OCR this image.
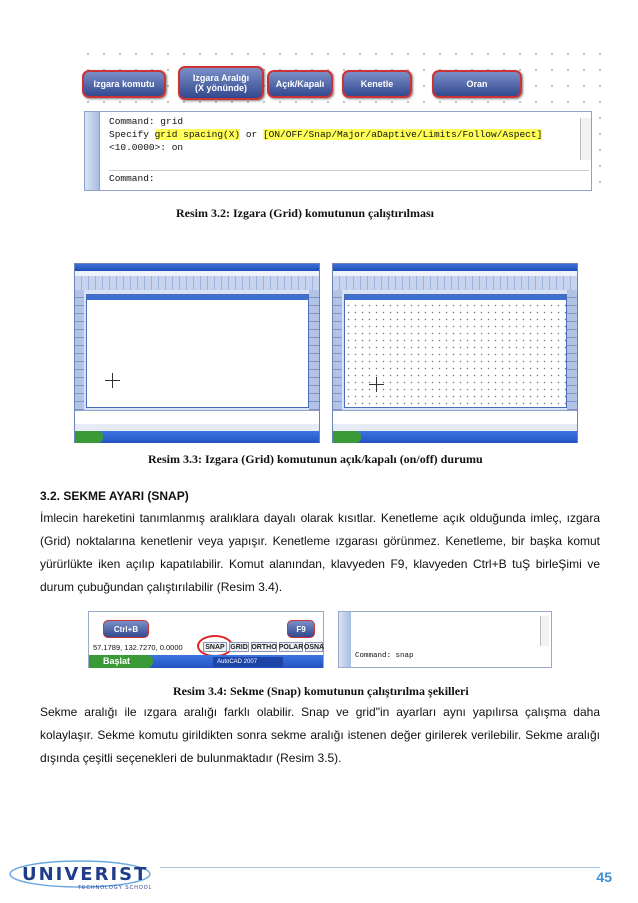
Izgara komutu
Izgara Aralığı
(X yönünde)	Açık/Kapalı	Kenetle	Oran
Command: grid
Specify grid spacing(X) or [ON/OFF/Snap/Major/aDaptive/Limits/Follow/Aspect]
<10.0000>: on
Command:
Resim 3.2: Izgara (Grid) komutunun çalıştırılması
Resim 3.3: Izgara (Grid) komutunun açık/kapalı (on/off) durumu
3.2. SEKME AYARI (SNAP)
İmlecin hareketini tanımlanmış aralıklara dayalı olarak kısıtlar. Kenetleme açık olduğunda imleç, ızgara (Grid) noktalarına kenetlenir veya yapışır. Kenetleme ızgarası görünmez. Kenetleme, bir başka komut yürürlükte iken açılıp kapatılabilir. Komut alanından, klavyeden F9, klavyeden Ctrl+B tuŞ birleŞimi ve durum çubuğundan çalıştırılabilir (Resim 3.4).
Ctrl+B	F9
57.1789, 132.7270, 0.0000	SNAP GRID ORTHO POLAR OSNA
Başlat	AutoCAD 2007
Command: snap
Resim 3.4: Sekme (Snap) komutunun çalıştırılma şekilleri
Sekme aralığı ile ızgara aralığı farklı olabilir. Snap ve grid"in ayarları aynı yapılırsa çalışma daha kolaylaşır. Sekme komutu girildikten sonra sekme aralığı istenen değer girilerek verilebilir. Sekme aralığı dışında çeşitli seçenekleri de bulunmaktadır (Resim 3.5).
UNIVERIST
TECHNOLOGY SCHOOL
45
